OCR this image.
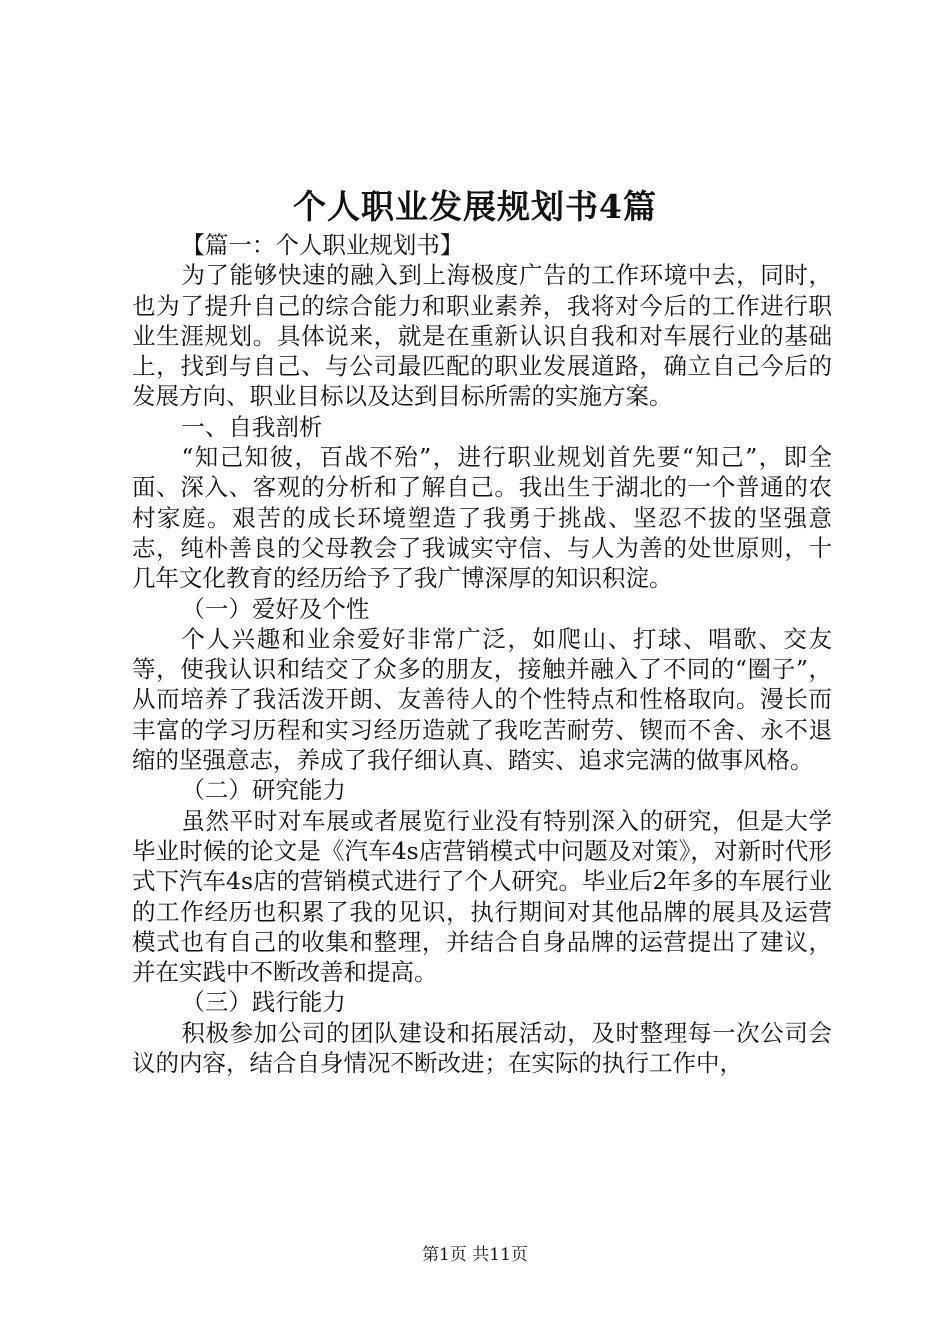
个人职业发展规划书4篇

【篇一：个人职业规划书】

为了能够快速的融入到上海极度广告的工作环境中去，同时，也为了提升自己的综合能力和职业素养，我将对今后的工作进行职业生涯规划。具体说来，就是在重新认识自我和对车展行业的基础上，找到与自己、与公司最匹配的职业发展道路，确立自己今后的发展方向、职业目标以及达到目标所需的实施方案。

一、自我剖析

“知己知彼，百战不殆”，进行职业规划首先要“知己”，即全面、深入、客观的分析和了解自己。我出生于湖北的一个普通的农村家庭。艰苦的成长环境塑造了我勇于挑战、坚忍不拔的坚强意志，纯朴善良的父母教会了我诚实守信、与人为善的处世原则，十几年文化教育的经历给予了我广博深厚的知识积淀。

（一）爱好及个性

个人兴趣和业余爱好非常广泛，如爬山、打球、唱歌、交友等，使我认识和结交了众多的朋友，接触并融入了不同的“圈子”，从而培养了我活泼开朗、友善待人的个性特点和性格取向。漫长而丰富的学习历程和实习经历造就了我吃苦耐劳、锲而不舍、永不退缩的坚强意志，养成了我仔细认真、踏实、追求完满的做事风格。

（二）研究能力

虽然平时对车展或者展览行业没有特别深入的研究，但是大学毕业时候的论文是《汽车4s店营销模式中问题及对策》，对新时代形式下汽车4s店的营销模式进行了个人研究。毕业后2年多的车展行业的工作经历也积累了我的见识，执行期间对其他品牌的展具及运营模式也有自己的收集和整理，并结合自身品牌的运营提出了建议，并在实践中不断改善和提高。

（三）践行能力

积极参加公司的团队建设和拓展活动，及时整理每一次公司会议的内容，结合自身情况不断改进；在实际的执行工作中，

第1页 共11页
